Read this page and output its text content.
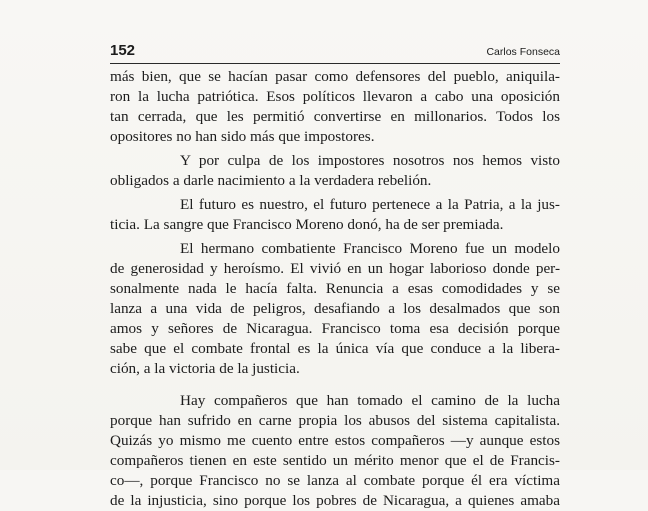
152	Carlos Fonseca
más bien, que se hacían pasar como defensores del pueblo, aniquila-
ron la lucha patriótica. Esos políticos llevaron a cabo una oposición
tan cerrada, que les permitió convertirse en millonarios. Todos los
opositores no han sido más que impostores.
Y por culpa de los impostores nosotros nos hemos visto
obligados a darle nacimiento a la verdadera rebelión.
El futuro es nuestro, el futuro pertenece a la Patria, a la jus-
ticia. La sangre que Francisco Moreno donó, ha de ser premiada.
El hermano combatiente Francisco Moreno fue un modelo
de generosidad y heroísmo. El vivió en un hogar laborioso donde per-
sonalmente nada le hacía falta. Renuncia a esas comodidades y se
lanza a una vida de peligros, desafiando a los desalmados que son
amos y señores de Nicaragua. Francisco toma esa decisión porque
sabe que el combate frontal es la única vía que conduce a la libera-
ción, a la victoria de la justicia.
Hay compañeros que han tomado el camino de la lucha
porque han sufrido en carne propia los abusos del sistema capitalista.
Quizás yo mismo me cuento entre estos compañeros —y aunque estos
compañeros tienen en este sentido un mérito menor que el de Francis-
co—, porque Francisco no se lanza al combate porque él era víctima
de la injusticia, sino porque los pobres de Nicaragua, a quienes amaba
